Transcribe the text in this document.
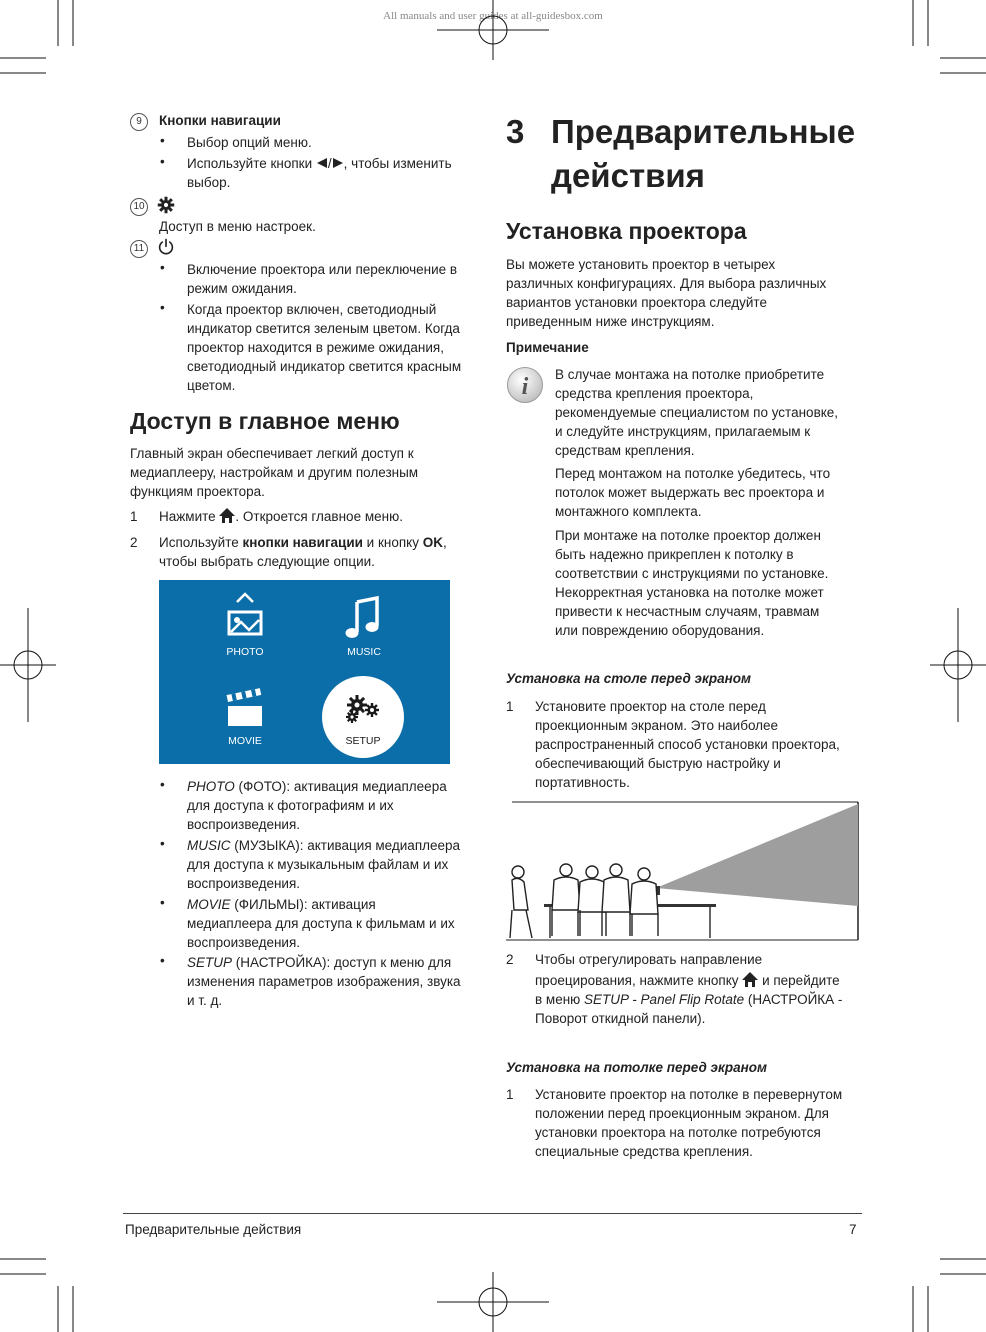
All manuals and user guides at all-guidesbox.com
9	Кнопки навигации
• Выбор опций меню.
• Используйте кнопки / , чтобы изменить
выбор.
10
Доступ в меню настроек.
11
• Включение проектора или переключение в
режим ожидания.
• Когда проектор включен, светодиодный
индикатор светится зеленым цветом. Когда
проектор находится в режиме ожидания,
светодиодный индикатор светится красным
цветом.
Доступ в главное меню
Главный экран обеспечивает легкий доступ к
медиаплееру, настройкам и другим полезным
функциям проектора.
1 Нажмите . Откроется главное меню.
2 Используйте кнопки навигации и кнопку OK,
чтобы выбрать следующие опции.
PHOTO	MUSIC
MOVIE	SETUP
• PHOTO (ФОТО): активация медиаплеера
для доступа к фотографиям и их
воспроизведения.
• MUSIC (МУЗЫКА): активация медиаплеера
для доступа к музыкальным файлам и их
воспроизведения.
• MOVIE (ФИЛЬМЫ): активация
медиаплеера для доступа к фильмам и их
воспроизведения.
• SETUP (НАСТРОЙКА): доступ к меню для
изменения параметров изображения, звука
и т. д.
3 Предварительные
действия
Установка проектора
Вы можете установить проектор в четырех
различных конфигурациях. Для выбора различных
вариантов установки проектора следуйте
приведенным ниже инструкциям.
Примечание
i В случае монтажа на потолке приобретите
средства крепления проектора,
рекомендуемые специалистом по установке,
и следуйте инструкциям, прилагаемым к
средствам крепления.
Перед монтажом на потолке убедитесь, что
потолок может выдержать вес проектора и
монтажного комплекта.
При монтаже на потолке проектор должен
быть надежно прикреплен к потолку в
соответствии с инструкциями по установке.
Некорректная установка на потолке может
привести к несчастным случаям, травмам
или повреждению оборудования.
Установка на столе перед экраном
1 Установите проектор на столе перед
проекционным экраном. Это наиболее
распространенный способ установки проектора,
обеспечивающий быструю настройку и
портативность.
2 Чтобы отрегулировать направление
проецирования, нажмите кнопку  и перейдите
в меню SETUP - Panel Flip Rotate (НАСТРОЙКА -
Поворот откидной панели).
Установка на потолке перед экраном
1 Установите проектор на потолке в перевернутом
положении перед проекционным экраном. Для
установки проектора на потолке потребуются
специальные средства крепления.
Предварительные действия	7
